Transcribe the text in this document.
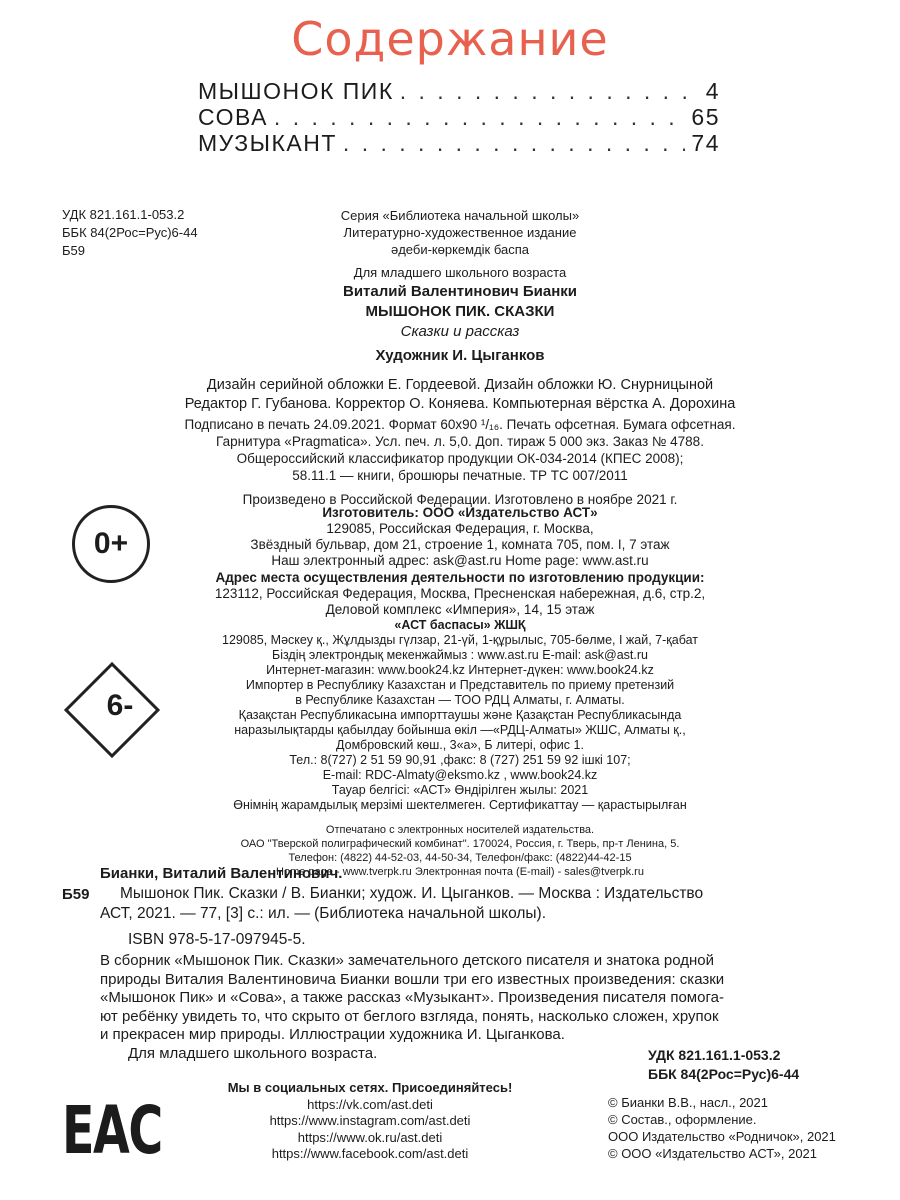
Содержание
МЫШОНОК ПИК . . .	4
СОВА . . .	65
МУЗЫКАНТ . . .	74
УДК 821.161.1-053.2
ББК 84(2Рос=Рус)6-44
Б59
Серия «Библиотека начальной школы»
Литературно-художественное издание
әдеби-көркемдік баспа
Для младшего школьного возраста
Виталий Валентинович Бианки
МЫШОНОК ПИК. СКАЗКИ
Сказки и рассказ
Художник И. Цыганков
Дизайн серийной обложки Е. Гордеевой. Дизайн обложки Ю. Снурницыной
Редактор Г. Губанова. Корректор О. Коняева. Компьютерная вёрстка А. Дорохина
Подписано в печать 24.09.2021. Формат 60x90 ¹/₁₆. Печать офсетная. Бумага офсетная.
Гарнитура «Pragmatica». Усл. печ. л. 5,0. Доп. тираж 5 000 экз. Заказ № 4788.
Общероссийский классификатор продукции ОК-034-2014 (КПЕС 2008);
58.11.1 — книги, брошюры печатные. ТР ТС 007/2011
Произведено в Российской Федерации. Изготовлено в ноябре 2021 г.
0+
Изготовитель: ООО «Издательство АСТ»
129085, Российская Федерация, г. Москва,
Звёздный бульвар, дом 21, строение 1, комната 705, пом. I, 7 этаж
Наш электронный адрес: ask@ast.ru Home page: www.ast.ru
Адрес места осуществления деятельности по изготовлению продукции:
123112, Российская Федерация, Москва, Пресненская набережная, д.6, стр.2,
Деловой комплекс «Империя», 14, 15 этаж
6-
«АСТ баспасы» ЖШҚ
129085, Мәскеу қ., Жұлдызды гүлзар, 21-үй, 1-құрылыс, 705-бөлме, I жай, 7-қабат
Біздің электрондық мекенжаймыз : www.ast.ru E-mail: ask@ast.ru
Интернет-магазин: www.book24.kz Интернет-дүкен: www.book24.kz
Импортер в Республику Казахстан и Представитель по приему претензий
в Республике Казахстан — ТОО РДЦ Алматы, г. Алматы.
Қазақстан Республикасына импорттаушы және Қазақстан Республикасында
наразылықтарды қабылдау бойынша өкіл —«РДЦ-Алматы» ЖШС, Алматы қ.,
Домбровский көш., 3«а», Б литері, офис 1.
Тел.: 8(727) 2 51 59 90,91 ,факс: 8 (727) 251 59 92 ішкі 107;
E-mail: RDC-Almaty@eksmo.kz , www.book24.kz
Тауар белгісі: «АСТ» Өндірілген жылы: 2021
Өнімнің жарамдылық мерзімі шектелмеген. Сертификаттау — қарастырылған
Отпечатано с электронных носителей издательства.
ОАО "Тверской полиграфический комбинат". 170024, Россия, г. Тверь, пр-т Ленина, 5.
Телефон: (4822) 44-52-03, 44-50-34, Телефон/факс: (4822)44-42-15
Home page - www.tverpk.ru Электронная почта (E-mail) - sales@tverpk.ru
Бианки, Виталий Валентинович.
Б59 Мышонок Пик. Сказки / В. Бианки; худож. И. Цыганков. — Москва : Издательство
АСТ, 2021. — 77, [3] с.: ил. — (Библиотека начальной школы).
ISBN 978-5-17-097945-5.
В сборник «Мышонок Пик. Сказки» замечательного детского писателя и знатока родной
природы Виталия Валентиновича Бианки вошли три его известных произведения: сказки
«Мышонок Пик» и «Сова», а также рассказ «Музыкант». Произведения писателя помога-
ют ребёнку увидеть то, что скрыто от беглого взгляда, понять, насколько сложен, хрупок
и прекрасен мир природы. Иллюстрации художника И. Цыганкова.
Для младшего школьного возраста.	УДК 821.161.1-053.2
ББК 84(2Рос=Рус)6-44
EAC
Мы в социальных сетях. Присоединяйтесь!
https://vk.com/ast.deti
https://www.instagram.com/ast.deti
https://www.ok.ru/ast.deti
https://www.facebook.com/ast.deti
© Бианки В.В., насл., 2021
© Состав., оформление.
ООО Издательство «Родничок», 2021
© ООО «Издательство АСТ», 2021
